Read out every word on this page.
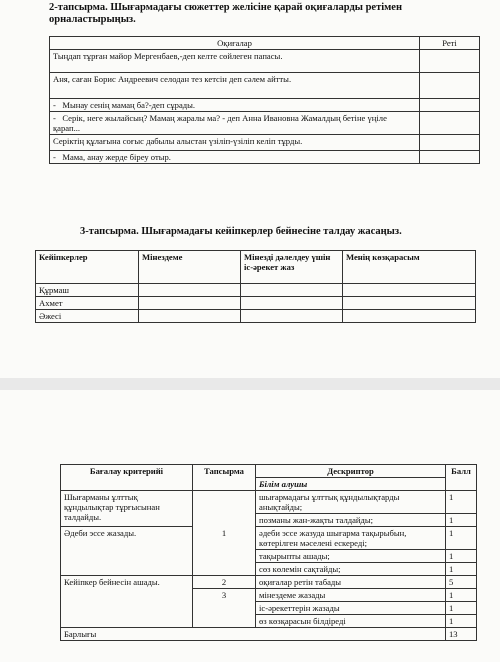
2-тапсырма. Шығармадағы сюжеттер желісіне қарай оқиғаларды ретімен орналастырыңыз.
Оқиғалар	Реті
Тыңдап тұрған майор Мергенбаев,-деп келте сөйлеген папасы.	
Аня, саған Борис Андреевич селодан тез кетсін деп сәлем айтты.	
- Мынау сенің мамаң ба?-деп сұрады.	
- Серік, неге жылайсың? Мамаң жаралы ма? - деп Анна Ивановна Жамалдың бетіне үңіле қарап...	
Серіктің құлағына соғыс дабылы алыстан үзіліп-үзіліп келіп тұрды.	
- Мама, анау жерде біреу отыр.	
3-тапсырма. Шығармадағы кейіпкерлер бейнесіне талдау жасаңыз.
Кейіпкерлер	Мінездеме	Мінезді дәлелдеу үшін іс-әрекет жаз	Менің көзқарасым
Құрмаш			
Ахмет			
Әжесі			
Бағалау критерийі	Тапсырма	Дескриптор	Балл
		Білім алушы	
Шығарманы ұлттық құндылықтар тұрғысынан талдайды.	1	шығармадағы ұлттық құндылықтарды анықтайды;	1
		позманы жан-жақты талдайды;	1
Әдеби эссе жазады.		әдеби эссе жазуда шығарма тақырыбын, көтерілген мәселені ескереді;	1
		тақырыпты ашады;	1
		сөз көлемін сақтайды;	1
Кейіпкер бейнесін ашады.	2	оқиғалар ретін табады	5
	3	мінездеме жазады	1
		іс-әрекеттерін жазады	1
		өз көзқарасын білдіреді	1
Барлығы			13
